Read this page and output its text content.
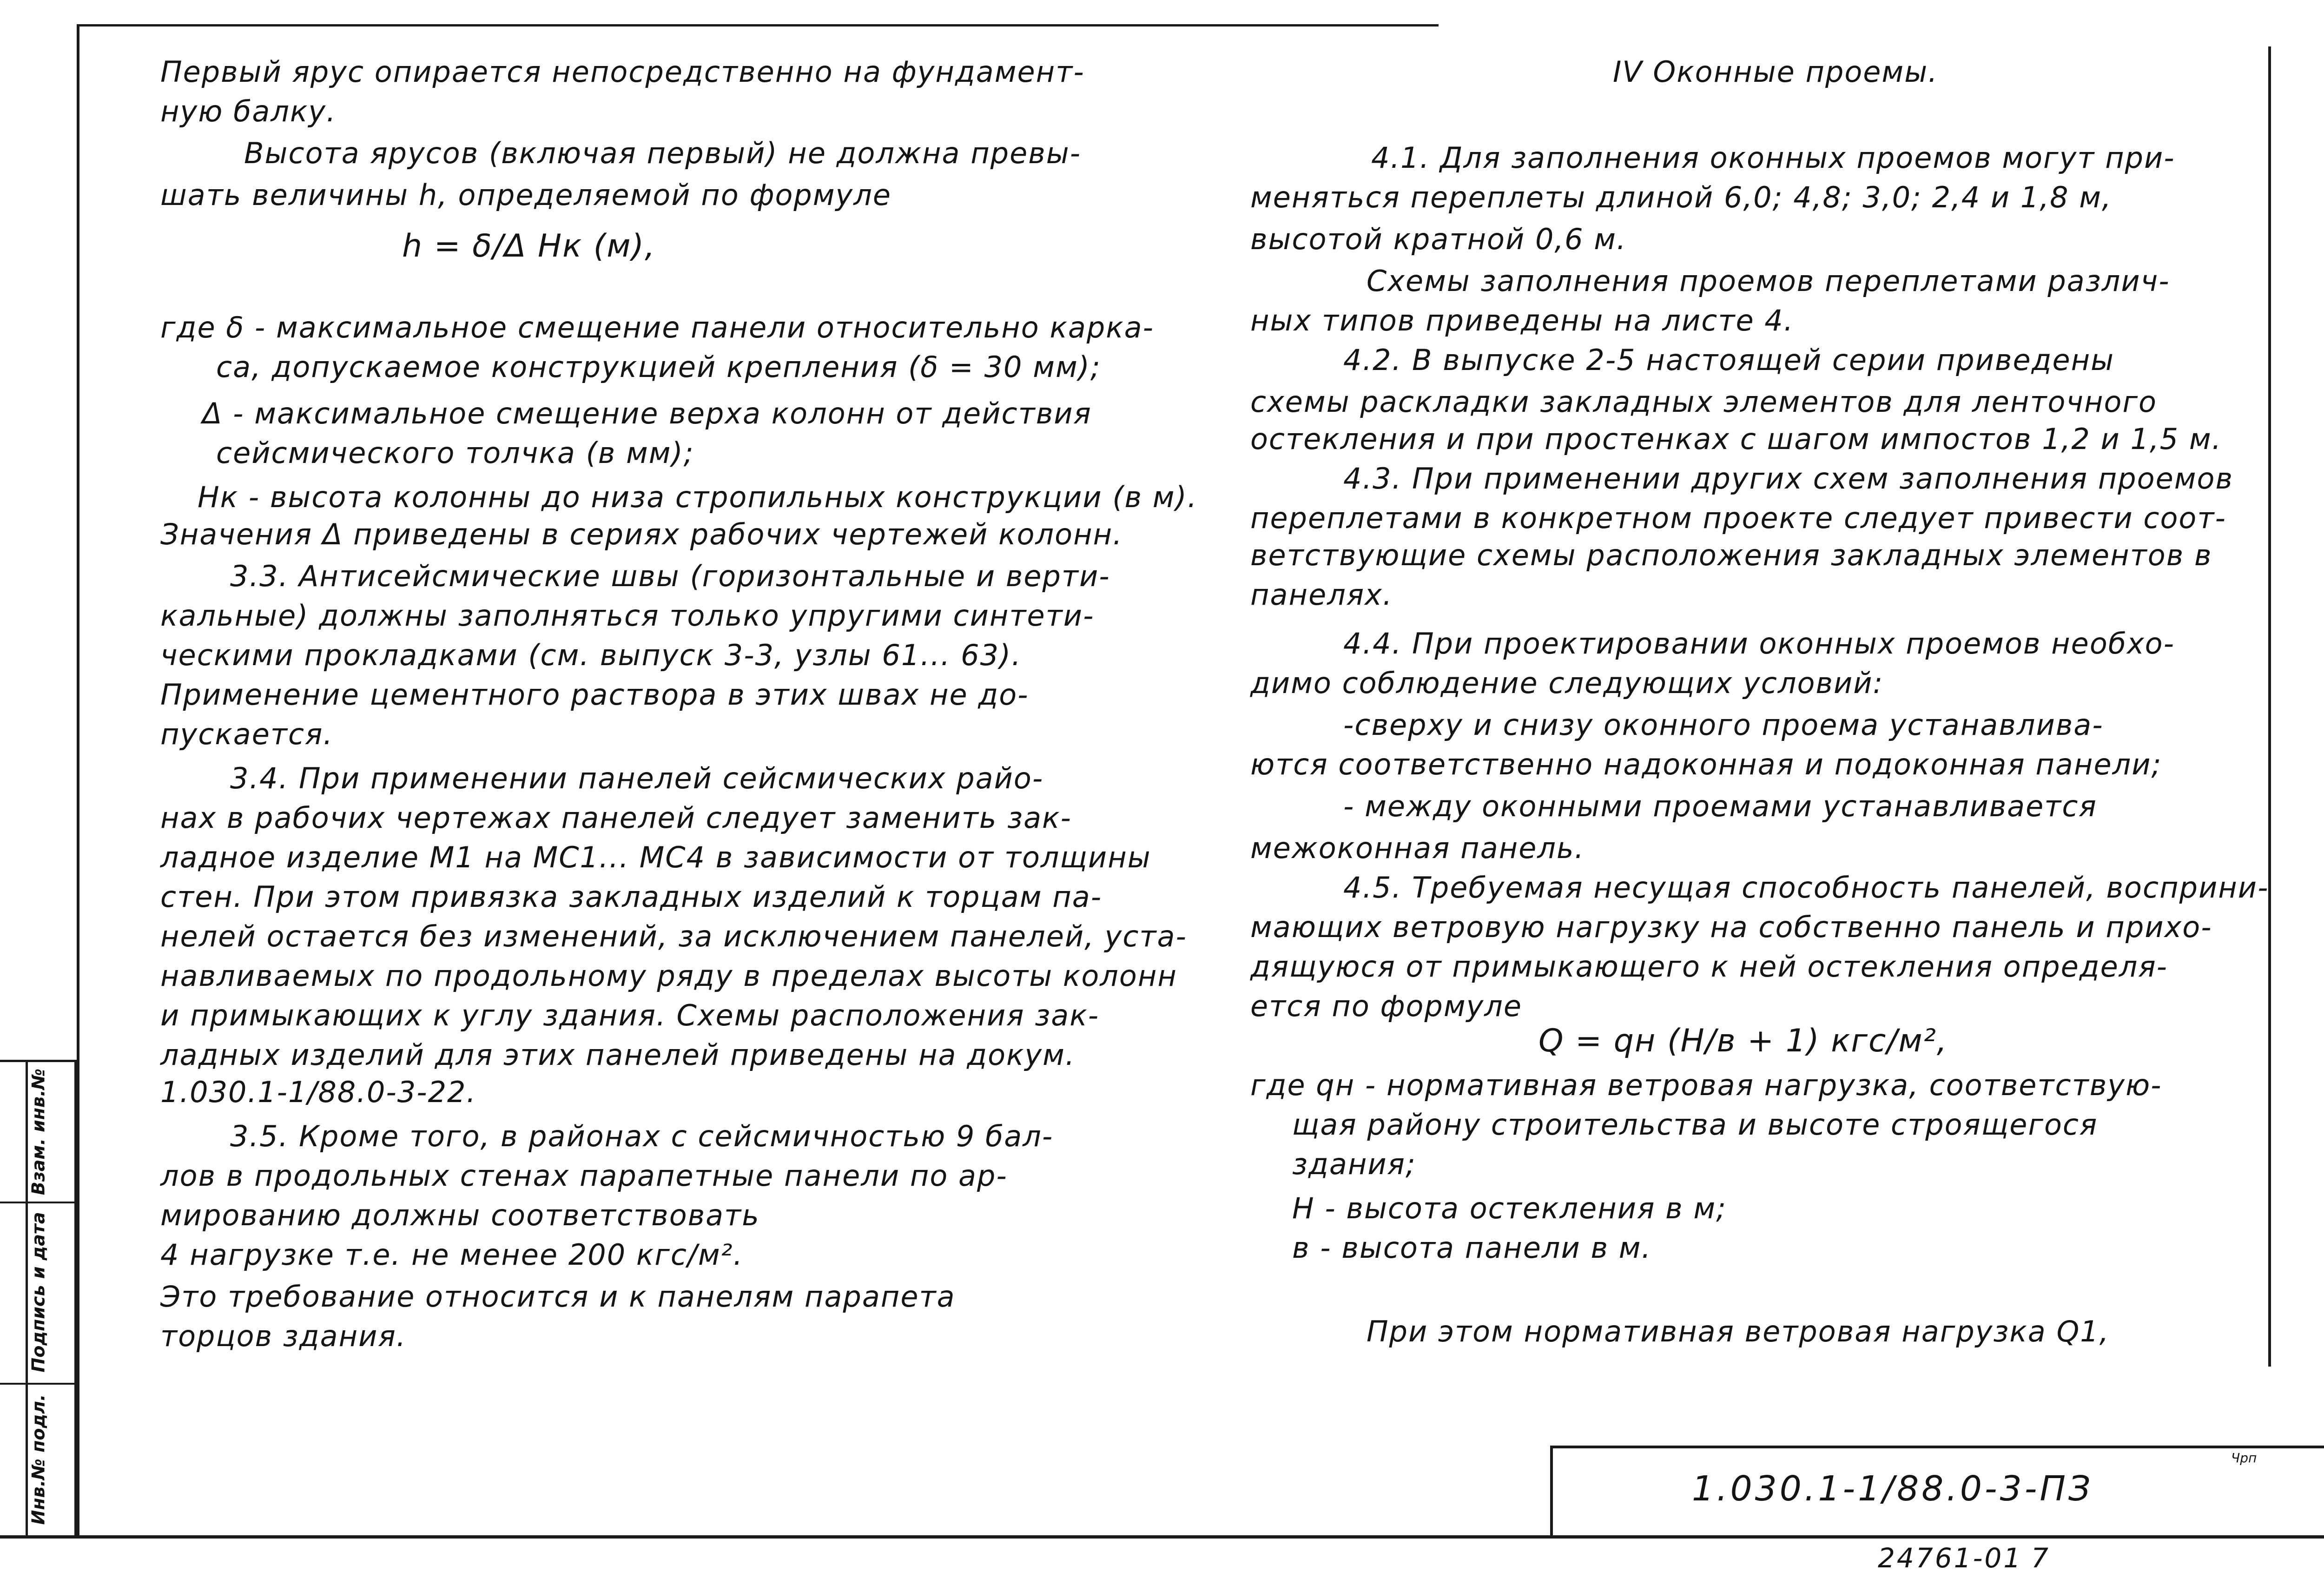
Взам. инв.№
Подпись и дата
Инв.№ подл.
Первый ярус опирается непосредственно на фундамент-
ную балку.
Высота ярусов (включая первый) не должна превы-
шать величины h, определяемой по формуле
h = δ/Δ Hк (м),
где δ - максимальное смещение панели относительно карка-
са, допускаемое конструкцией крепления (δ = 30 мм);
Δ - максимальное смещение верха колонн от действия
сейсмического толчка (в мм);
Hк - высота колонны до низа стропильных конструкции (в м).
Значения Δ приведены в сериях рабочих чертежей колонн.
3.3. Антисейсмические швы (горизонтальные и верти-
кальные) должны заполняться только упругими синтети-
ческими прокладками (см. выпуск 3-3, узлы 61... 63).
Применение цементного раствора в этих швах не до-
пускается.
3.4. При применении панелей сейсмических райо-
нах в рабочих чертежах панелей следует заменить зак-
ладное изделие М1 на МС1... МС4 в зависимости от толщины
стен. При этом привязка закладных изделий к торцам па-
нелей остается без изменений, за исключением панелей, уста-
навливаемых по продольному ряду в пределах высоты колонн
и примыкающих к углу здания. Схемы расположения зак-
ладных изделий для этих панелей приведены на докум.
1.030.1-1/88.0-3-22.
3.5. Кроме того, в районах с сейсмичностью 9 бал-
лов в продольных стенах парапетные панели по ар-
мированию должны соответствовать
4 нагрузке т.е. не менее 200 кгс/м².
Это требование относится и к панелям парапета
торцов здания.
IV Оконные проемы.
4.1. Для заполнения оконных проемов могут при-
меняться переплеты длиной 6,0; 4,8; 3,0; 2,4 и 1,8 м,
высотой кратной 0,6 м.
Схемы заполнения проемов переплетами различ-
ных типов приведены на листе 4.
4.2. В выпуске 2-5 настоящей серии приведены
схемы раскладки закладных элементов для ленточного
остекления и при простенках с шагом импостов 1,2 и 1,5 м.
4.3. При применении других схем заполнения проемов
переплетами в конкретном проекте следует привести соот-
ветствующие схемы расположения закладных элементов в
панелях.
4.4. При проектировании оконных проемов необхо-
димо соблюдение следующих условий:
-сверху и снизу оконного проема устанавлива-
ются соответственно надоконная и подоконная панели;
- между оконными проемами устанавливается
межоконная панель.
4.5. Требуемая несущая способность панелей, восприни-
мающих ветровую нагрузку на собственно панель и прихо-
дящуюся от примыкающего к ней остекления определя-
ется по формуле
Q = qн (H/в + 1) кгс/м²,
где qн - нормативная ветровая нагрузка, соответствую-
щая району строительства и высоте строящегося
здания;
H - высота остекления в м;
в - высота панели в м.
При этом нормативная ветровая нагрузка Q1,
1.030.1-1/88.0-3-ПЗ
Чрп
24761-01 7
